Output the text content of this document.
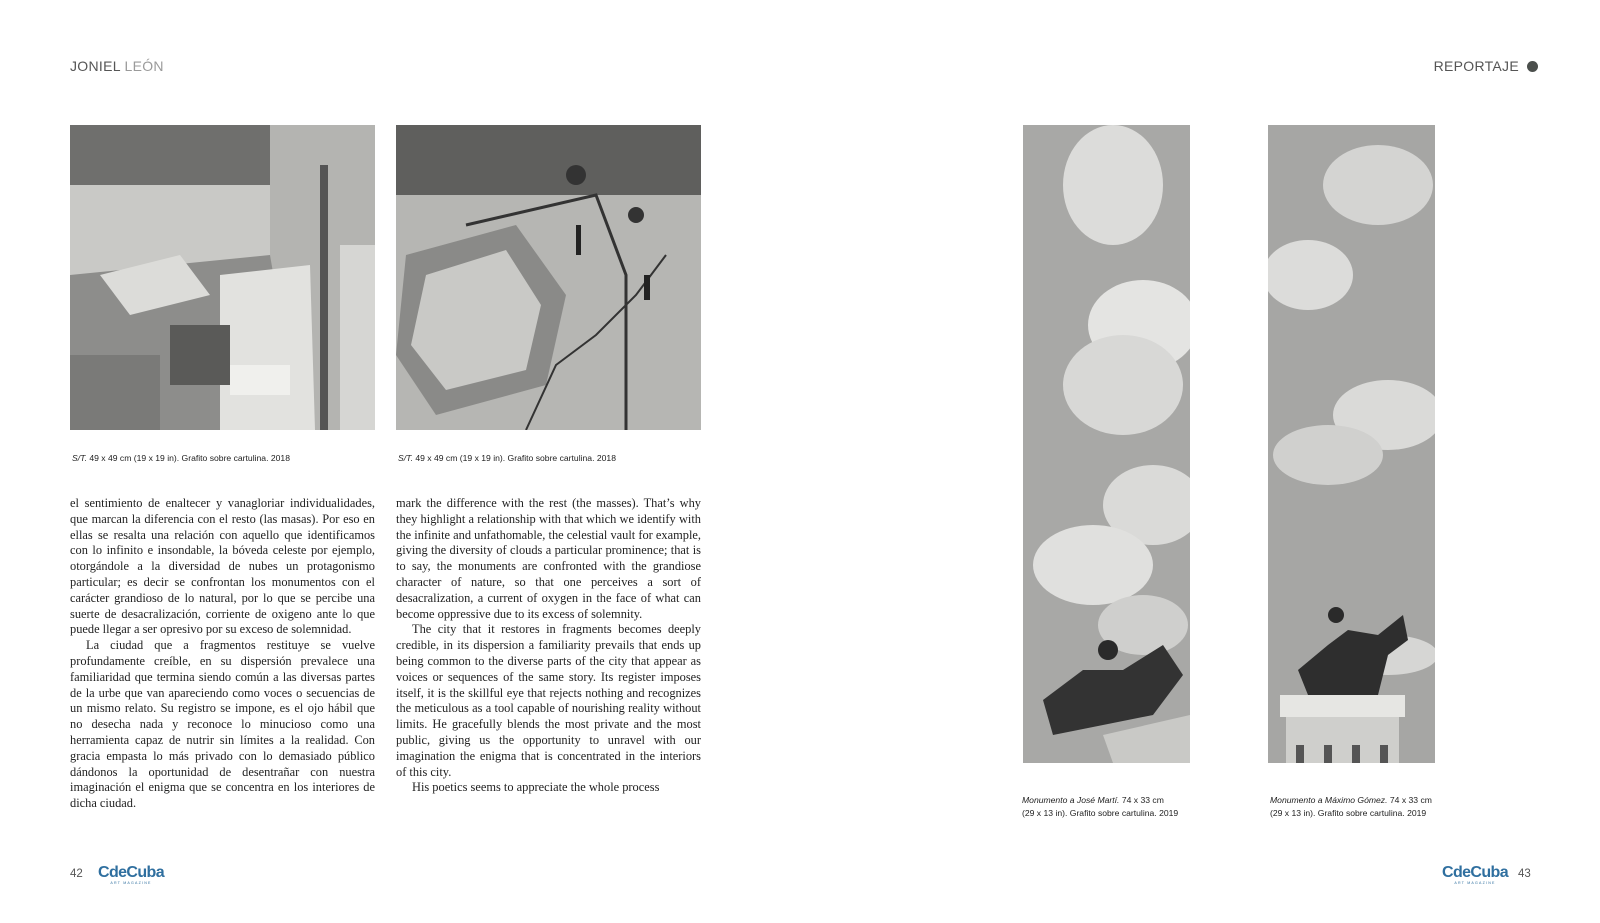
JONIEL LEÓN	REPORTAJE
S/T. 49 x 49 cm (19 x 19 in). Grafito sobre cartulina. 2018	S/T. 49 x 49 cm (19 x 19 in). Grafito sobre cartulina. 2018

el sentimiento de enaltecer y vanagloriar individualidades, que marcan la diferencia con el resto (las masas). Por eso en ellas se resalta una relación con aquello que identificamos con lo infinito e insondable, la bóveda celeste por ejemplo, otorgándole a la diversidad de nubes un protagonismo particular; es decir se confrontan los monumentos con el carácter grandioso de lo natural, por lo que se percibe una suerte de desacralización, corriente de oxigeno ante lo que puede llegar a ser opresivo por su exceso de solemnidad.

La ciudad que a fragmentos restituye se vuelve profundamente creíble, en su dispersión prevalece una familiaridad que termina siendo común a las diversas partes de la urbe que van apareciendo como voces o secuencias de un mismo relato. Su registro se impone, es el ojo hábil que no desecha nada y reconoce lo minucioso como una herramienta capaz de nutrir sin límites a la realidad. Con gracia empasta lo más privado con lo demasiado público dándonos la oportunidad de desentrañar con nuestra imaginación el enigma que se concentra en los interiores de dicha ciudad.

mark the difference with the rest (the masses). That’s why they highlight a relationship with that which we identify with the infinite and unfathomable, the celestial vault for example, giving the diversity of clouds a particular prominence; that is to say, the monuments are confronted with the grandiose character of nature, so that one perceives a sort of desacralization, a current of oxygen in the face of what can become oppressive due to its excess of solemnity.

The city that it restores in fragments becomes deeply credible, in its dispersion a familiarity prevails that ends up being common to the diverse parts of the city that appear as voices or sequences of the same story. Its register imposes itself, it is the skillful eye that rejects nothing and recognizes the meticulous as a tool capable of nourishing reality without limits. He gracefully blends the most private and the most public, giving us the opportunity to unravel with our imagination the enigma that is concentrated in the interiors of this city.

His poetics seems to appreciate the whole process

Monumento a José Martí. 74 x 33 cm
(29 x 13 in). Grafito sobre cartulina. 2019
Monumento a Máximo Gómez. 74 x 33 cm
(29 x 13 in). Grafito sobre cartulina. 2019
42 CdeCuba
ART MAGAZINE
CdeCuba
ART MAGAZINE
43
